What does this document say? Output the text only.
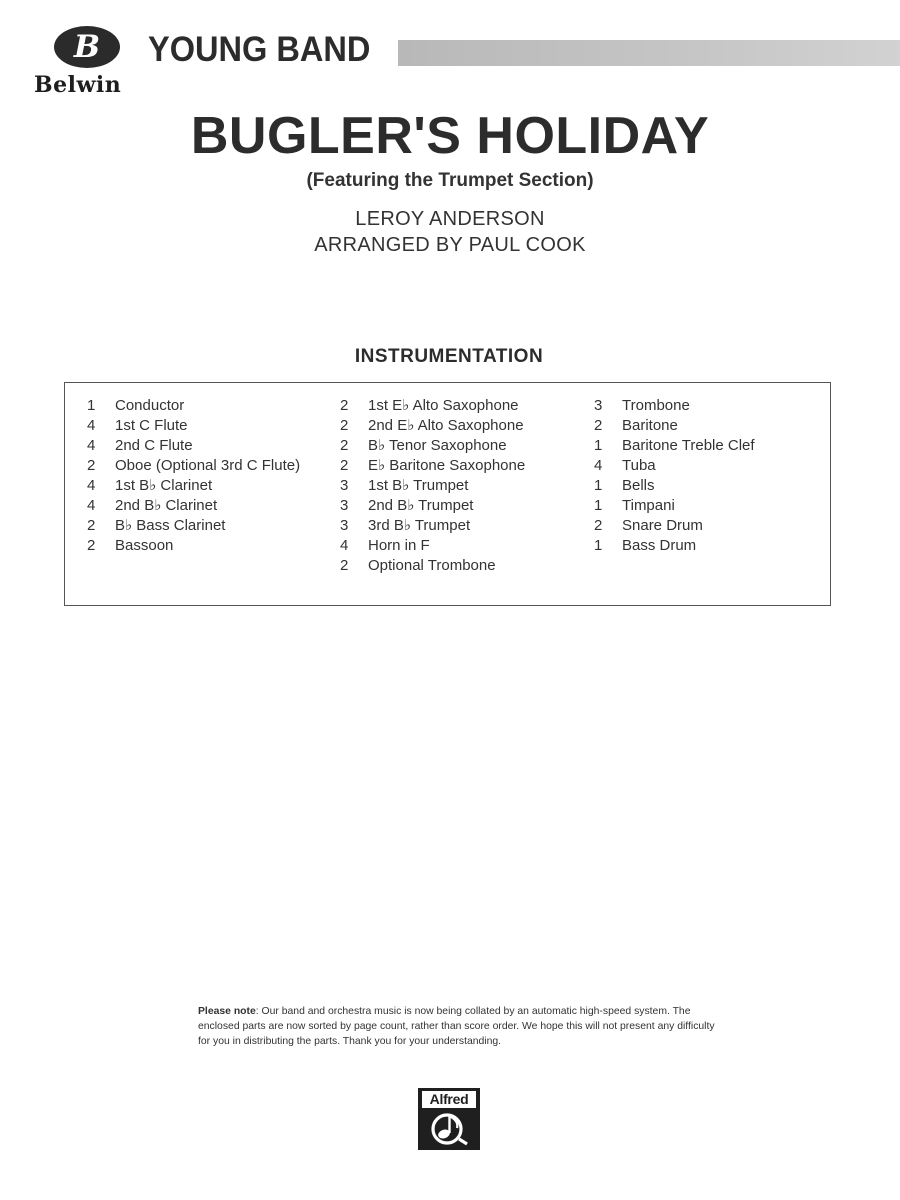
B
Belwin
YOUNG BAND
BUGLER'S HOLIDAY
(Featuring the Trumpet Section)
LEROY ANDERSON
ARRANGED BY PAUL COOK
INSTRUMENTATION
1 Conductor
4 1st C Flute
4 2nd C Flute
2 Oboe (Optional 3rd C Flute)
4 1st B♭ Clarinet
4 2nd B♭ Clarinet
2 B♭ Bass Clarinet
2 Bassoon
2 1st E♭ Alto Saxophone
2 2nd E♭ Alto Saxophone
2 B♭ Tenor Saxophone
2 E♭ Baritone Saxophone
3 1st B♭ Trumpet
3 2nd B♭ Trumpet
3 3rd B♭ Trumpet
4 Horn in F
2 Optional Trombone
3 Trombone
2 Baritone
1 Baritone Treble Clef
4 Tuba
1 Bells
1 Timpani
2 Snare Drum
1 Bass Drum
Please note: Our band and orchestra music is now being collated by an automatic high-speed system. The enclosed parts are now sorted by page count, rather than score order. We hope this will not present any difficulty for you in distributing the parts. Thank you for your understanding.
Alfred
